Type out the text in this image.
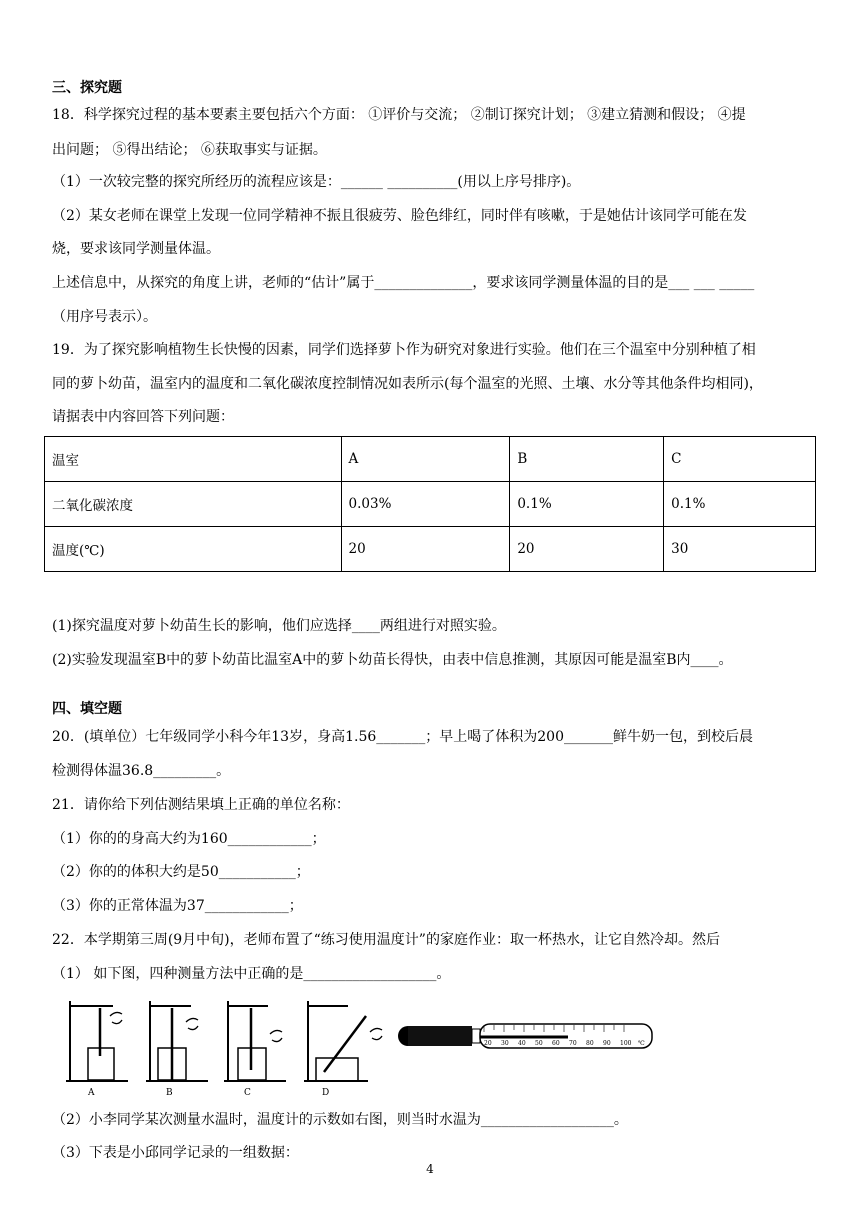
三、探究题
18．科学探究过程的基本要素主要包括六个方面： ①评价与交流； ②制订探究计划； ③建立猜测和假设； ④提
出问题； ⑤得出结论； ⑥获取事实与证据。
（1）一次较完整的探究所经历的流程应该是：______ __________(用以上序号排序)。
（2）某女老师在课堂上发现一位同学精神不振且很疲劳、脸色绯红，同时伴有咳嗽，于是她估计该同学可能在发
烧，要求该同学测量体温。
上述信息中，从探究的角度上讲，老师的“估计”属于______________，要求该同学测量体温的目的是___ ___ _____
（用序号表示）。
19．为了探究影响植物生长快慢的因素，同学们选择萝卜作为研究对象进行实验。他们在三个温室中分别种植了相
同的萝卜幼苗，温室内的温度和二氧化碳浓度控制情况如表所示(每个温室的光照、土壤、水分等其他条件均相同)，
请据表中内容回答下列问题：
温室	A	B	C
二氧化碳浓度	0.03%	0.1%	0.1%
温度(℃)	20	20	30
(1)探究温度对萝卜幼苗生长的影响，他们应选择____两组进行对照实验。
(2)实验发现温室B中的萝卜幼苗比温室A中的萝卜幼苗长得快，由表中信息推测，其原因可能是温室B内____。
四、填空题
20．(填单位）七年级同学小科今年13岁，身高1.56_______；早上喝了体积为200_______鲜牛奶一包，到校后晨
检测得体温36.8_________。
21．请你给下列估测结果填上正确的单位名称：
（1）你的的身高大约为160____________；
（2）你的的体积大约是50___________；
（3）你的正常体温为37____________；
22．本学期第三周(9月中旬)，老师布置了“练习使用温度计”的家庭作业：取一杯热水，让它自然冷却。然后
（1） 如下图，四种测量方法中正确的是___________________。
A	B	C	D
20 30 40 50 60 70 80 90 100 ℃
（2）小李同学某次测量水温时，温度计的示数如右图，则当时水温为___________________。
（3）下表是小邱同学记录的一组数据：
4
